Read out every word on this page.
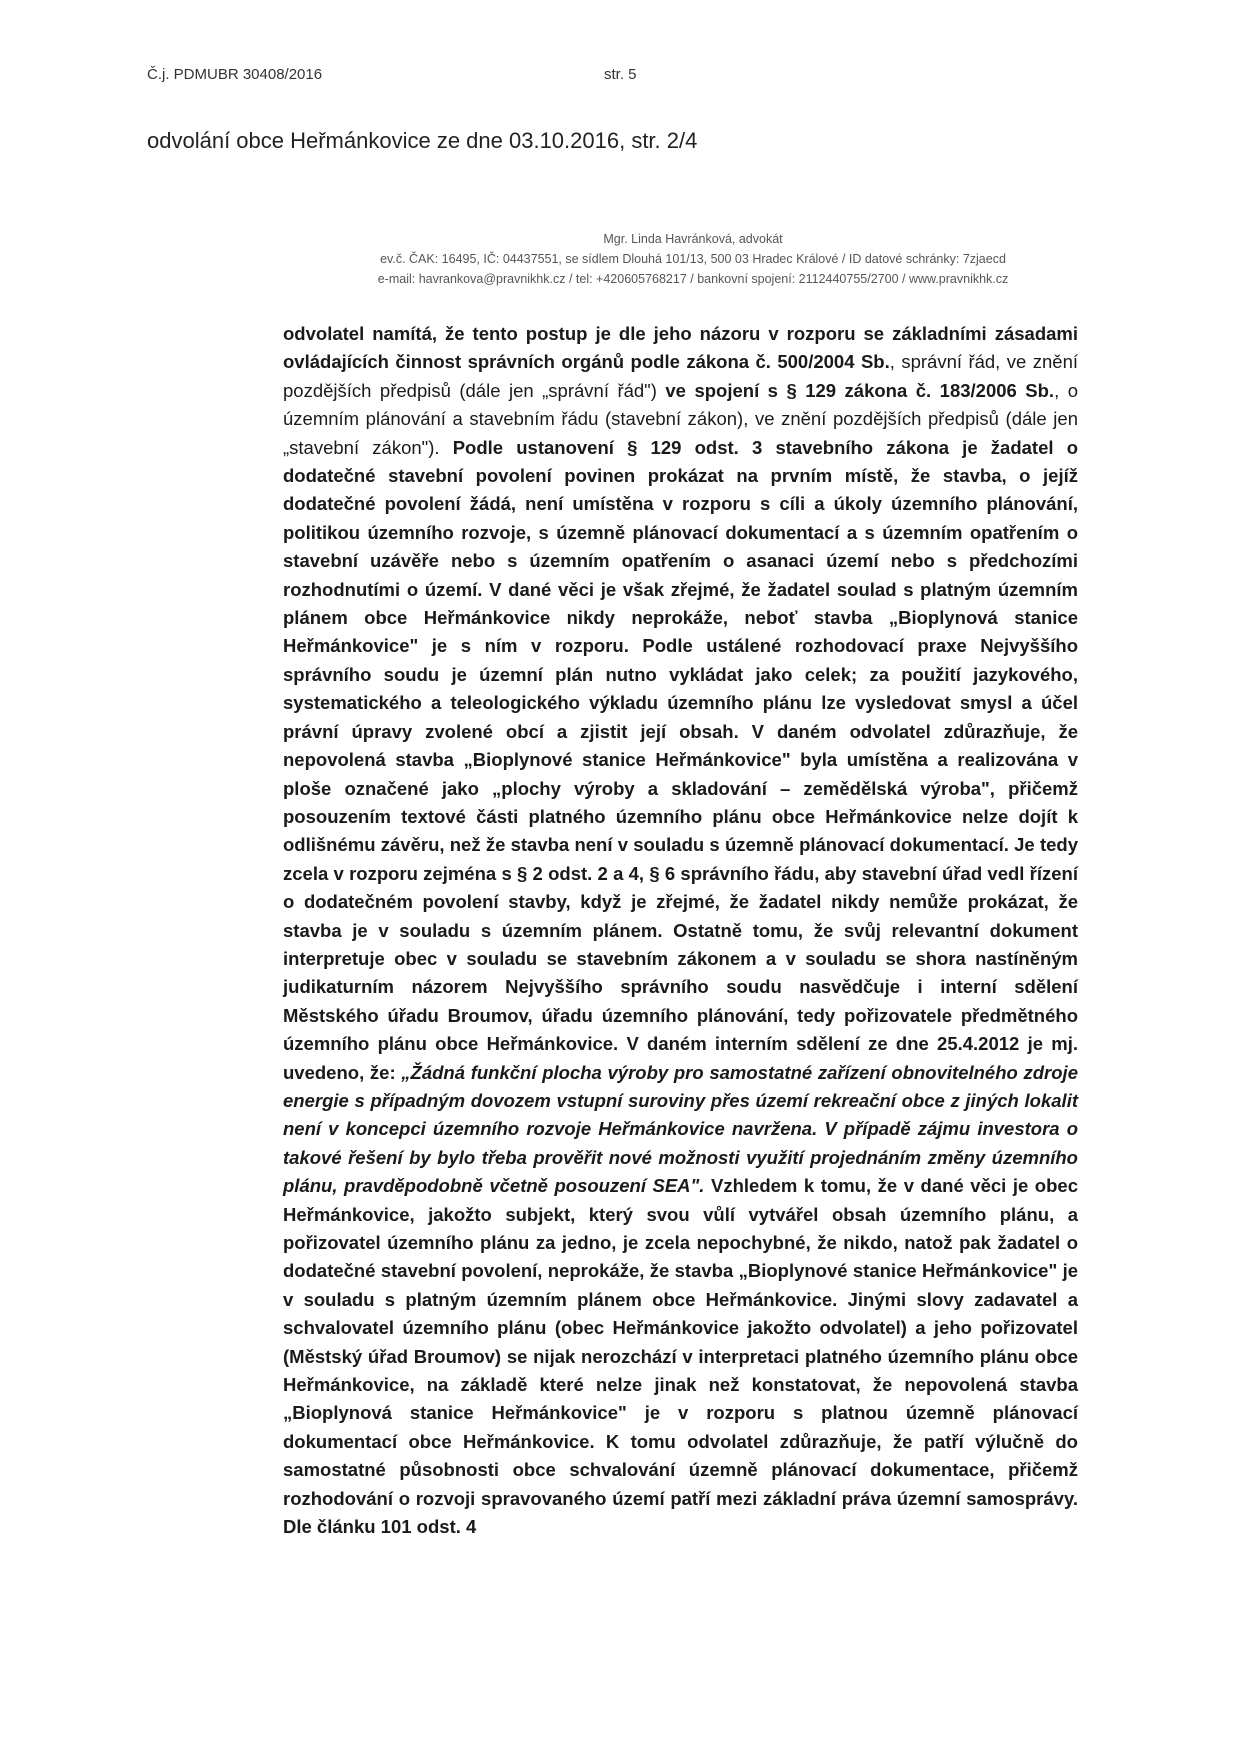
Č.j. PDMUBR 30408/2016	str. 5
odvolání obce Heřmánkovice ze dne 03.10.2016, str. 2/4
Mgr. Linda Havránková, advokát
ev.č. ČAK: 16495, IČ: 04437551, se sídlem Dlouhá 101/13, 500 03 Hradec Králové / ID datové schránky: 7zjaecd
e-mail: havrankova@pravnikhk.cz / tel: +420605768217 / bankovní spojení: 2112440755/2700 / www.pravnikhk.cz

odvolatel namítá, že tento postup je dle jeho názoru v rozporu se základními zásadami ovládajících činnost správních orgánů podle zákona č. 500/2004 Sb., správní řád, ve znění pozdějších předpisů (dále jen „správní řád") ve spojení s § 129 zákona č. 183/2006 Sb., o územním plánování a stavebním řádu (stavební zákon), ve znění pozdějších předpisů (dále jen „stavební zákon"). Podle ustanovení § 129 odst. 3 stavebního zákona je žadatel o dodatečné stavební povolení povinen prokázat na prvním místě, že stavba, o jejíž dodatečné povolení žádá, není umístěna v rozporu s cíli a úkoly územního plánování, politikou územního rozvoje, s územně plánovací dokumentací a s územním opatřením o stavební uzávěře nebo s územním opatřením o asanaci území nebo s předchozími rozhodnutími o území. V dané věci je však zřejmé, že žadatel soulad s platným územním plánem obce Heřmánkovice nikdy neprokáže, neboť stavba „Bioplynová stanice Heřmánkovice" je s ním v rozporu. Podle ustálené rozhodovací praxe Nejvyššího správního soudu je územní plán nutno vykládat jako celek; za použití jazykového, systematického a teleologického výkladu územního plánu lze vysledovat smysl a účel právní úpravy zvolené obcí a zjistit její obsah. V daném odvolatel zdůrazňuje, že nepovolená stavba „Bioplynové stanice Heřmánkovice" byla umístěna a realizována v ploše označené jako „plochy výroby a skladování – zemědělská výroba", přičemž posouzením textové části platného územního plánu obce Heřmánkovice nelze dojít k odlišnému závěru, než že stavba není v souladu s územně plánovací dokumentací. Je tedy zcela v rozporu zejména s § 2 odst. 2 a 4, § 6 správního řádu, aby stavební úřad vedl řízení o dodatečném povolení stavby, když je zřejmé, že žadatel nikdy nemůže prokázat, že stavba je v souladu s územním plánem. Ostatně tomu, že svůj relevantní dokument interpretuje obec v souladu se stavebním zákonem a v souladu se shora nastíněným judikaturním názorem Nejvyššího správního soudu nasvědčuje i interní sdělení Městského úřadu Broumov, úřadu územního plánování, tedy pořizovatele předmětného územního plánu obce Heřmánkovice. V daném interním sdělení ze dne 25.4.2012 je mj. uvedeno, že: „Žádná funkční plocha výroby pro samostatné zařízení obnovitelného zdroje energie s případným dovozem vstupní suroviny přes území rekreační obce z jiných lokalit není v koncepci územního rozvoje Heřmánkovice navržena. V případě zájmu investora o takové řešení by bylo třeba prověřit nové možnosti využití projednáním změny územního plánu, pravděpodobně včetně posouzení SEA". Vzhledem k tomu, že v dané věci je obec Heřmánkovice, jakožto subjekt, který svou vůlí vytvářel obsah územního plánu, a pořizovatel územního plánu za jedno, je zcela nepochybné, že nikdo, natož pak žadatel o dodatečné stavební povolení, neprokáže, že stavba „Bioplynové stanice Heřmánkovice" je v souladu s platným územním plánem obce Heřmánkovice. Jinými slovy zadavatel a schvalovatel územního plánu (obec Heřmánkovice jakožto odvolatel) a jeho pořizovatel (Městský úřad Broumov) se nijak nerozchází v interpretaci platného územního plánu obce Heřmánkovice, na základě které nelze jinak než konstatovat, že nepovolená stavba „Bioplynová stanice Heřmánkovice" je v rozporu s platnou územně plánovací dokumentací obce Heřmánkovice. K tomu odvolatel zdůrazňuje, že patří výlučně do samostatné působnosti obce schvalování územně plánovací dokumentace, přičemž rozhodování o rozvoji spravovaného území patří mezi základní práva územní samosprávy. Dle článku 101 odst. 4
